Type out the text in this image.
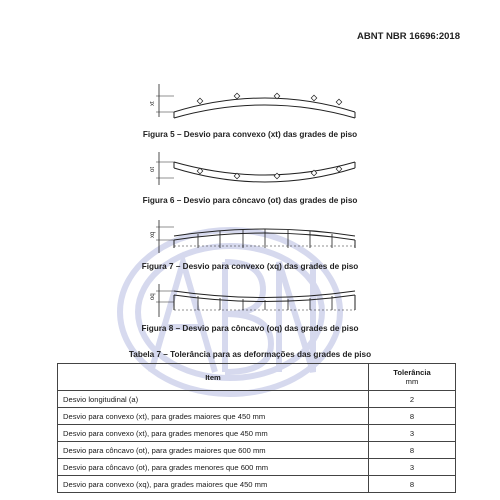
ABNT NBR 16696:2018
xt
Figura 5 – Desvio para convexo (xt) das grades de piso
ot
Figura 6 – Desvio para côncavo (ot) das grades de piso
xq
Figura 7 – Desvio para convexo (xq) das grades de piso
oq
Figura 8 – Desvio para côncavo (oq) das grades de piso
Tabela 7 – Tolerância para as deformações das grades de piso
Item	Tolerância
mm

Desvio longitudinal (a)	2
Desvio para convexo (xt), para grades maiores que 450 mm	8
Desvio para convexo (xt), para grades menores que 450 mm	3
Desvio para côncavo (ot), para grades maiores que 600 mm	8
Desvio para côncavo (ot), para grades menores que 600 mm	3
Desvio para convexo (xq), para grades maiores que 450 mm	8
